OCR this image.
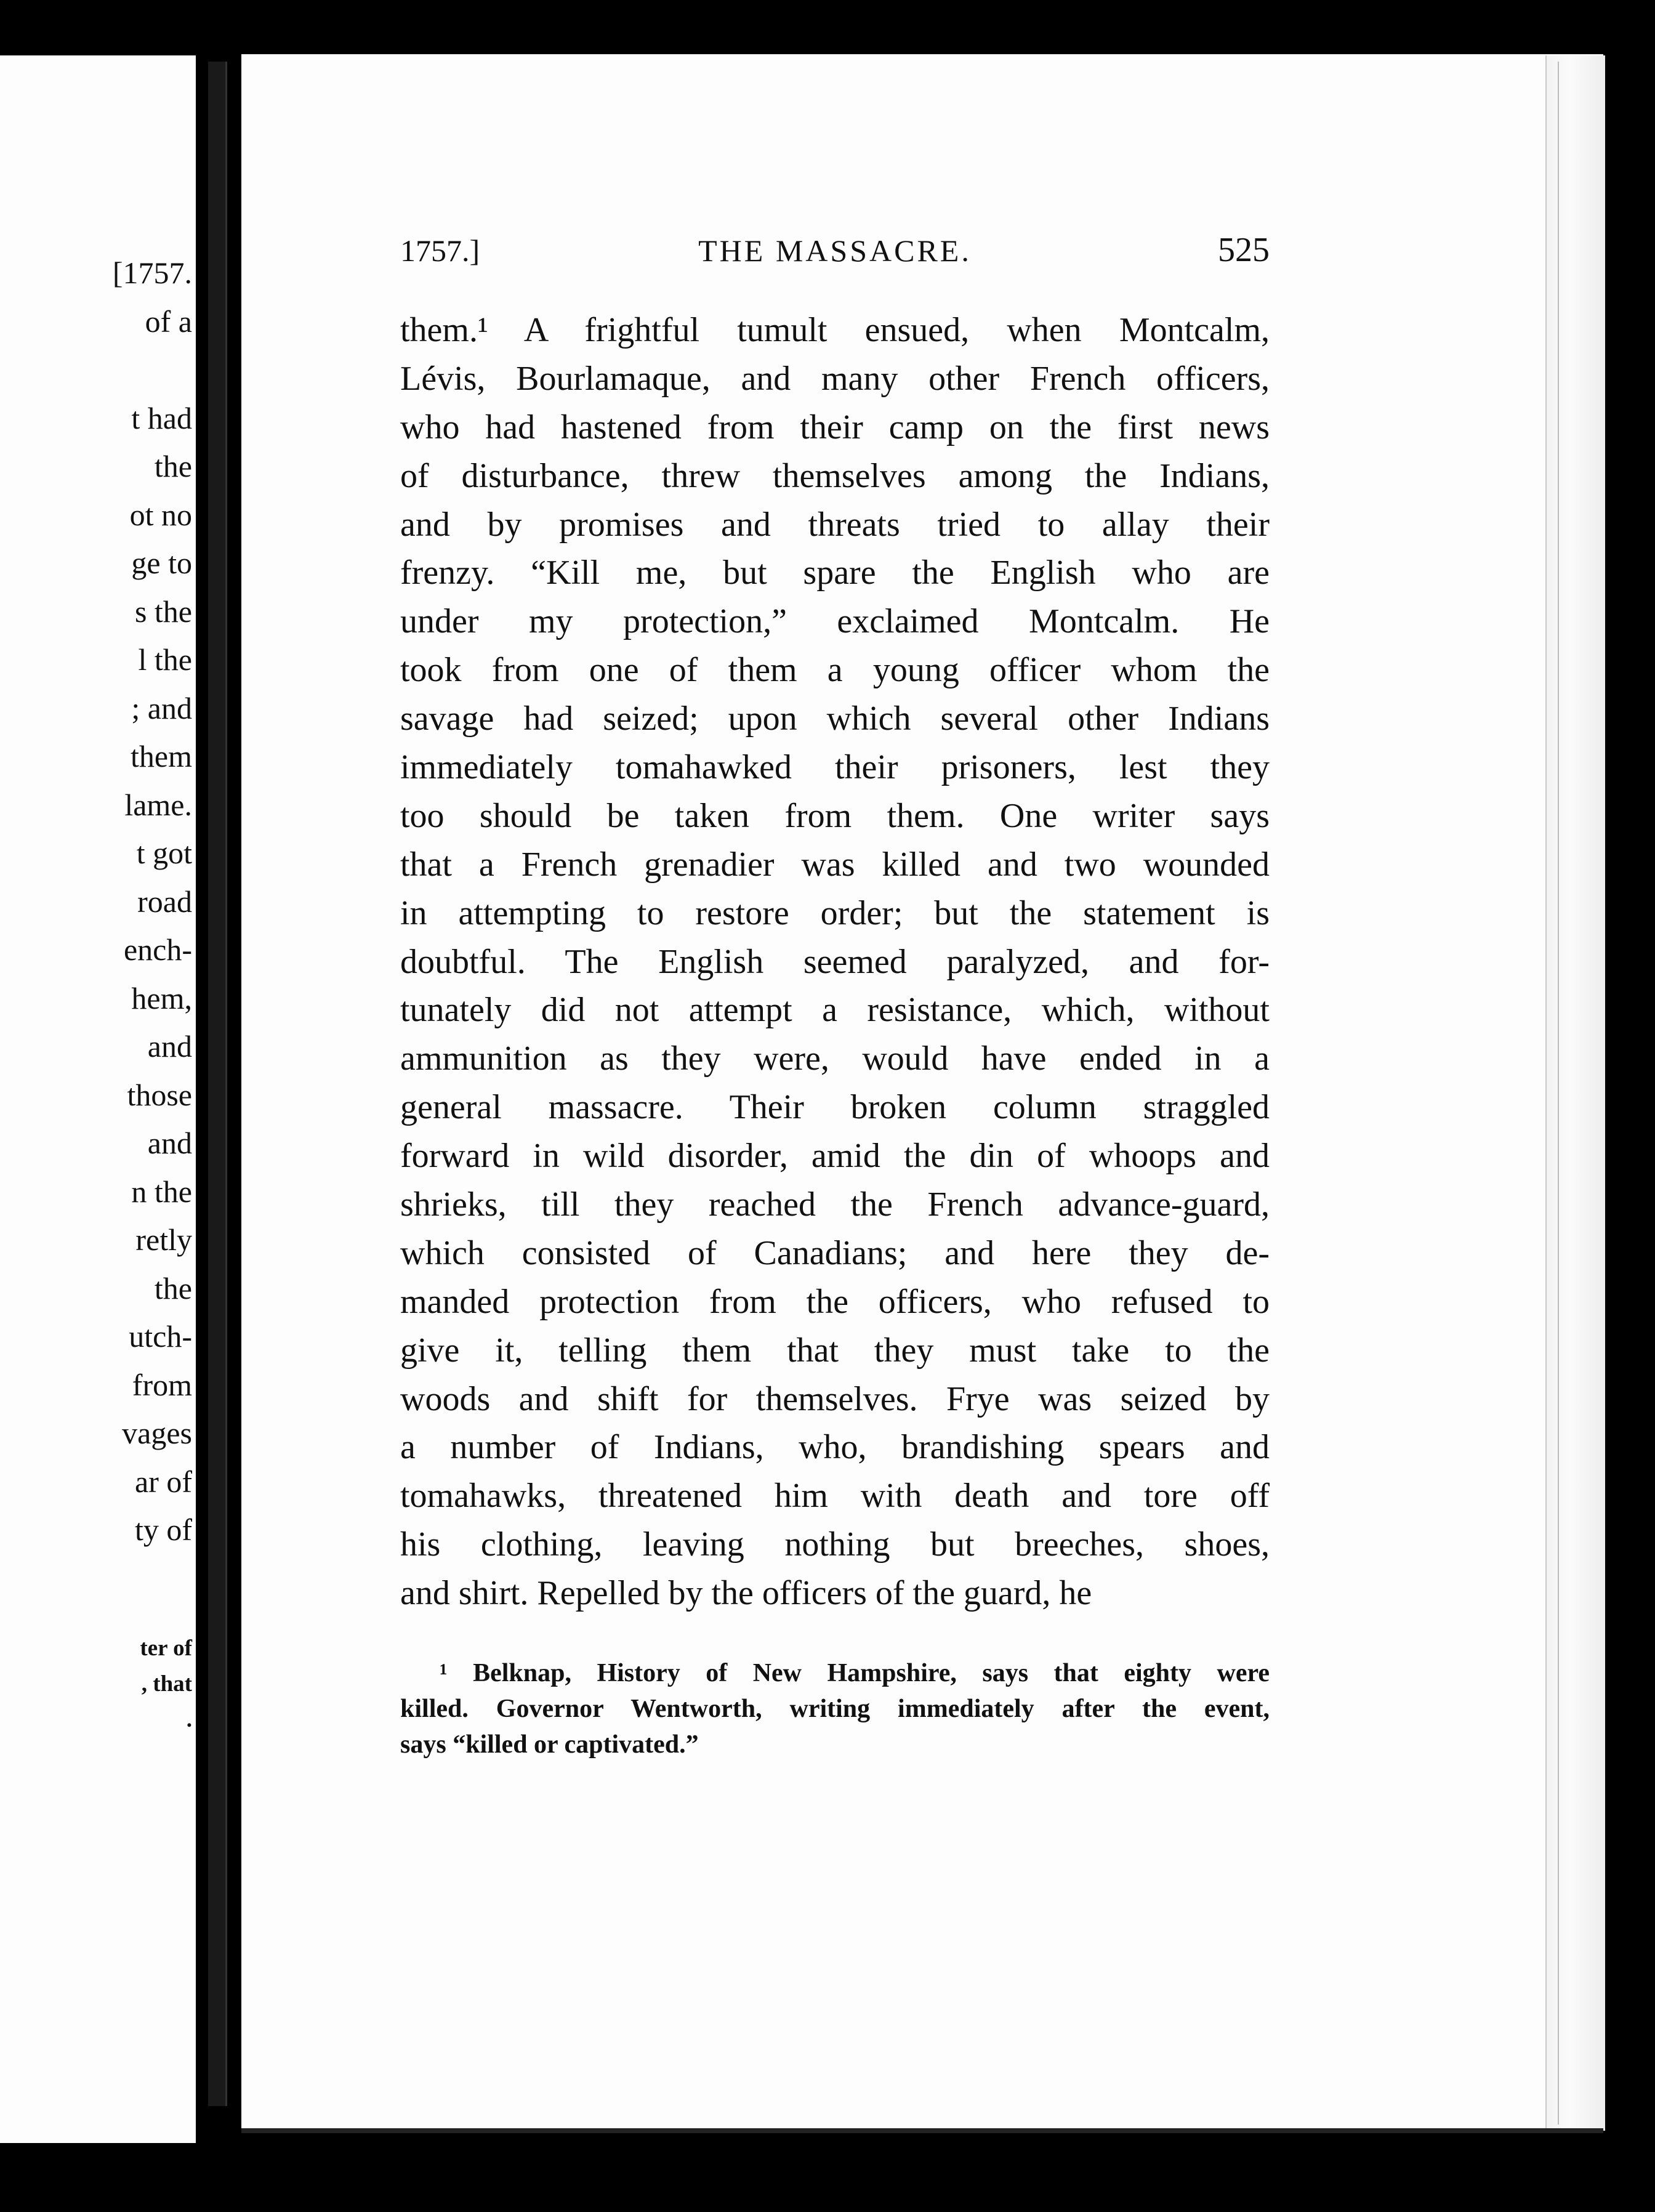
[1757.
of a
t had
the
ot no
ge to
s the
l the
; and
them
lame.
t got
road
ench-
hem,
and
those
and
n the
retly
the
utch-
from
vages
ar of
ty of
ter of
, that
.
1757.]	THE MASSACRE.	525
them.¹ A frightful tumult ensued, when Montcalm,
Lévis, Bourlamaque, and many other French officers,
who had hastened from their camp on the first news
of disturbance, threw themselves among the Indians,
and by promises and threats tried to allay their
frenzy. “Kill me, but spare the English who are
under my protection,” exclaimed Montcalm. He
took from one of them a young officer whom the
savage had seized; upon which several other Indians
immediately tomahawked their prisoners, lest they
too should be taken from them. One writer says
that a French grenadier was killed and two wounded
in attempting to restore order; but the statement is
doubtful. The English seemed paralyzed, and for-
tunately did not attempt a resistance, which, without
ammunition as they were, would have ended in a
general massacre. Their broken column straggled
forward in wild disorder, amid the din of whoops and
shrieks, till they reached the French advance-guard,
which consisted of Canadians; and here they de-
manded protection from the officers, who refused to
give it, telling them that they must take to the
woods and shift for themselves. Frye was seized by
a number of Indians, who, brandishing spears and
tomahawks, threatened him with death and tore off
his clothing, leaving nothing but breeches, shoes,
and shirt. Repelled by the officers of the guard, he
¹ Belknap, History of New Hampshire, says that eighty were
killed. Governor Wentworth, writing immediately after the event,
says “killed or captivated.”
